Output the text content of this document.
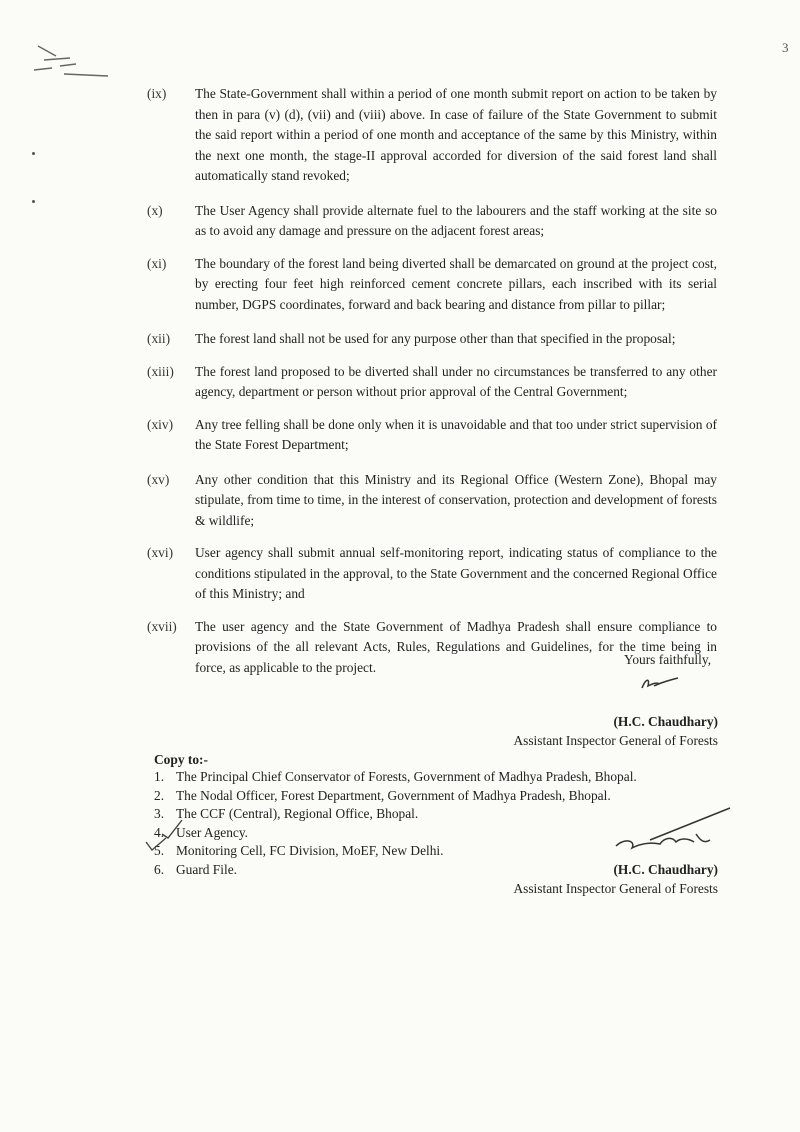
3
(ix)	The State-Government shall within a period of one month submit report on action to be taken by then in para (v) (d), (vii) and (viii) above. In case of failure of the State Government to submit the said report within a period of one month and acceptance of the same by this Ministry, within the next one month, the stage-II approval accorded for diversion of the said forest land shall automatically stand revoked;
(x)	The User Agency shall provide alternate fuel to the labourers and the staff working at the site so as to avoid any damage and pressure on the adjacent forest areas;
(xi)	The boundary of the forest land being diverted shall be demarcated on ground at the project cost, by erecting four feet high reinforced cement concrete pillars, each inscribed with its serial number, DGPS coordinates, forward and back bearing and distance from pillar to pillar;
(xii)	The forest land shall not be used for any purpose other than that specified in the proposal;
(xiii)	The forest land proposed to be diverted shall under no circumstances be transferred to any other agency, department or person without prior approval of the Central Government;
(xiv)	Any tree felling shall be done only when it is unavoidable and that too under strict supervision of the State Forest Department;
(xv)	Any other condition that this Ministry and its Regional Office (Western Zone), Bhopal may stipulate, from time to time, in the interest of conservation, protection and development of forests & wildlife;
(xvi)	User agency shall submit annual self-monitoring report, indicating status of compliance to the conditions stipulated in the approval, to the State Government and the concerned Regional Office of this Ministry; and
(xvii)	The user agency and the State Government of Madhya Pradesh shall ensure compliance to provisions of the all relevant Acts, Rules, Regulations and Guidelines, for the time being in force, as applicable to the project.	Yours faithfully,
(H.C. Chaudhary)
Assistant Inspector General of Forests
Copy to:-
1. The Principal Chief Conservator of Forests, Government of Madhya Pradesh, Bhopal.
2. The Nodal Officer, Forest Department, Government of Madhya Pradesh, Bhopal.
3. The CCF (Central), Regional Office, Bhopal.
4. User Agency.
5. Monitoring Cell, FC Division, MoEF, New Delhi.
6. Guard File.	(H.C. Chaudhary)
Assistant Inspector General of Forests
